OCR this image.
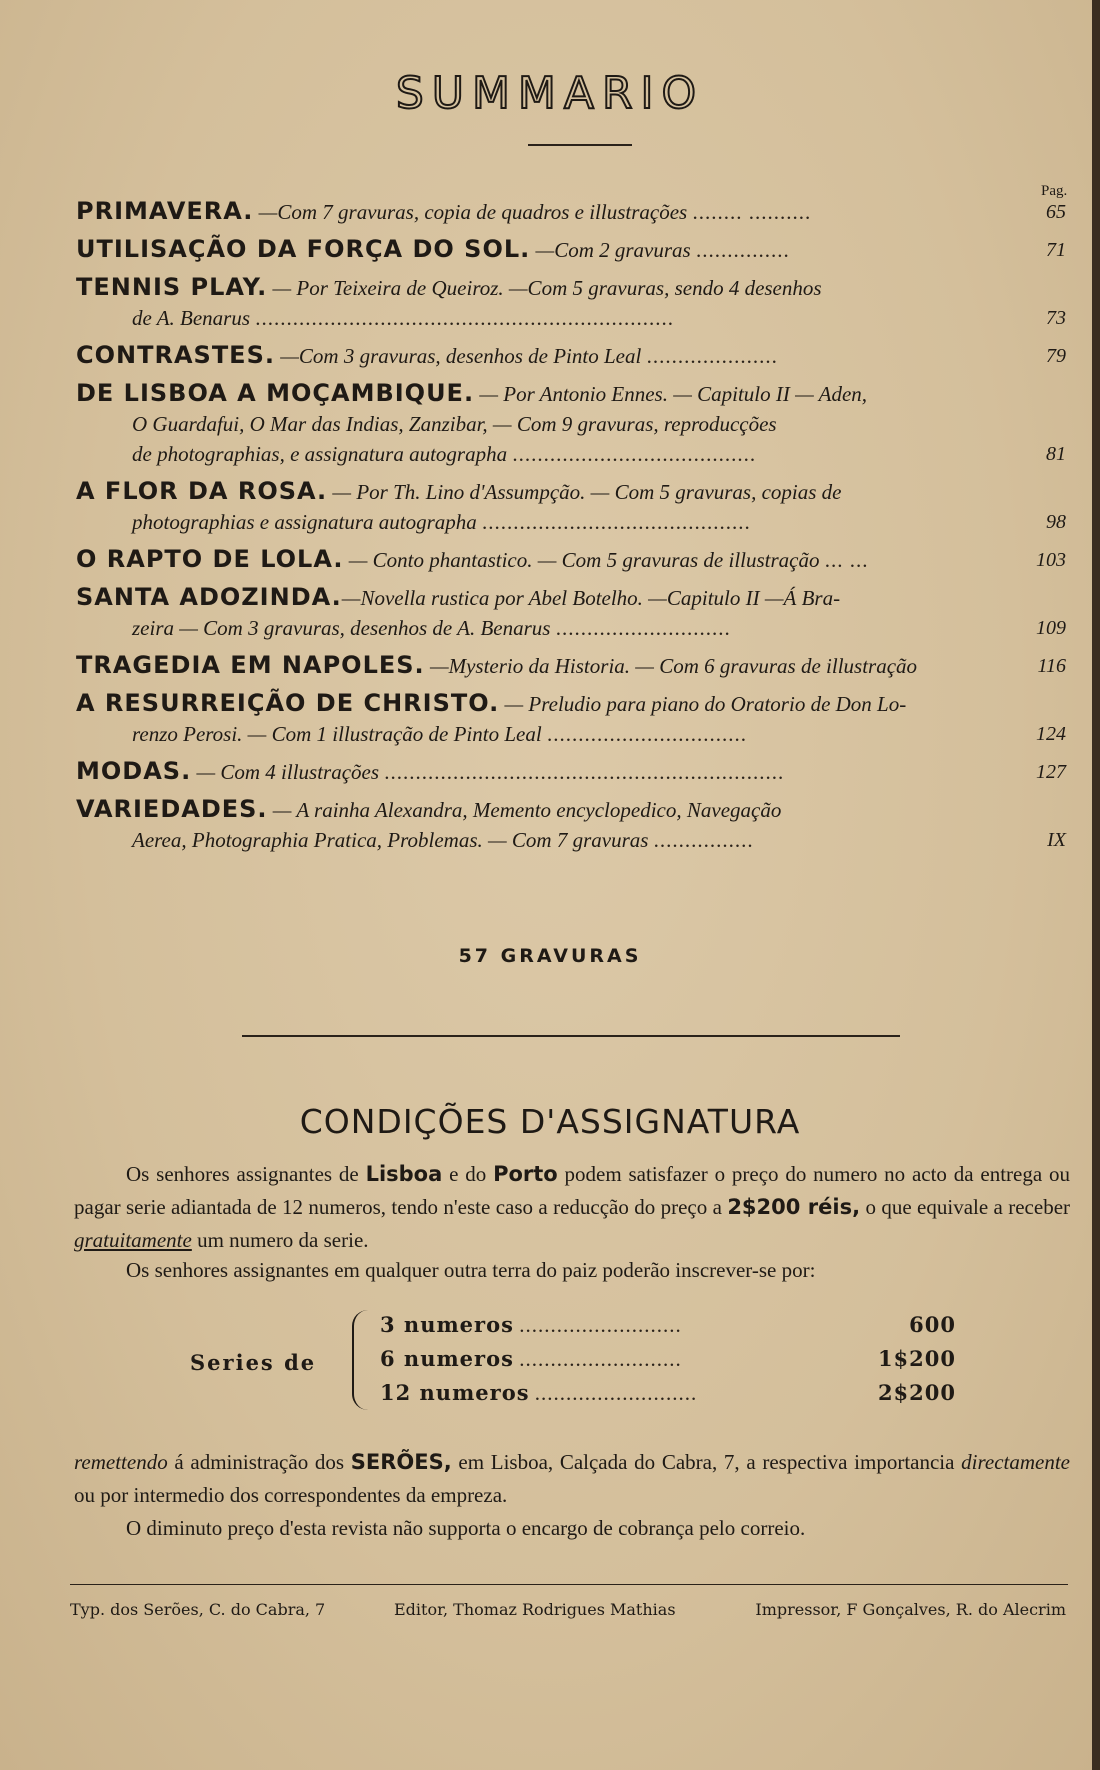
SUMMARIO
Pag.
PRIMAVERA. —Com 7 gravuras, copia de quadros e illustrações ........ ..........	65
UTILISAÇÃO DA FORÇA DO SOL. —Com 2 gravuras ...............	71
TENNIS PLAY. — Por Teixeira de Queiroz. —Com 5 gravuras, sendo 4 desenhos
de A. Benarus ...................................................................	73
CONTRASTES. —Com 3 gravuras, desenhos de Pinto Leal .....................	79
DE LISBOA A MOÇAMBIQUE. — Por Antonio Ennes. — Capitulo II — Aden,
O Guardafui, O Mar das Indias, Zanzibar, — Com 9 gravuras, reproducções
de photographias, e assignatura autographa .......................................	81
A FLOR DA ROSA. — Por Th. Lino d'Assumpção. — Com 5 gravuras, copias de
photographias e assignatura autographa ...........................................	98
O RAPTO DE LOLA. — Conto phantastico. — Com 5 gravuras de illustração ... ...	103
SANTA ADOZINDA.—Novella rustica por Abel Botelho. —Capitulo II —Á Bra-
zeira — Com 3 gravuras, desenhos de A. Benarus ............................	109
TRAGEDIA EM NAPOLES. —Mysterio da Historia. — Com 6 gravuras de illustração	116
A RESURREIÇÃO DE CHRISTO. — Preludio para piano do Oratorio de Don Lo-
renzo Perosi. — Com 1 illustração de Pinto Leal ................................	124
MODAS. — Com 4 illustrações ................................................................	127
VARIEDADES. — A rainha Alexandra, Memento encyclopedico, Navegação
Aerea, Photographia Pratica, Problemas. — Com 7 gravuras ................	IX
57 GRAVURAS
CONDIÇÕES D'ASSIGNATURA
Os senhores assignantes de Lisboa e do Porto podem satisfazer o preço do numero no acto da entrega ou pagar serie adiantada de 12 numeros, tendo n'este caso a reducção do preço a 2$200 réis, o que equivale a receber gratuitamente um numero da serie.
Os senhores assignantes em qualquer outra terra do paiz poderão inscrever-se por:
Series de
3 numeros ..........................	600
6 numeros ..........................	1$200
12 numeros ..........................	2$200
remettendo á administração dos SERÕES, em Lisboa, Calçada do Cabra, 7, a respectiva importancia directamente ou por intermedio dos correspondentes da empreza.
O diminuto preço d'esta revista não supporta o encargo de cobrança pelo correio.
Typ. dos Serões, C. do Cabra, 7	Editor, Thomaz Rodrigues Mathias	Impressor, F Gonçalves, R. do Alecrim
